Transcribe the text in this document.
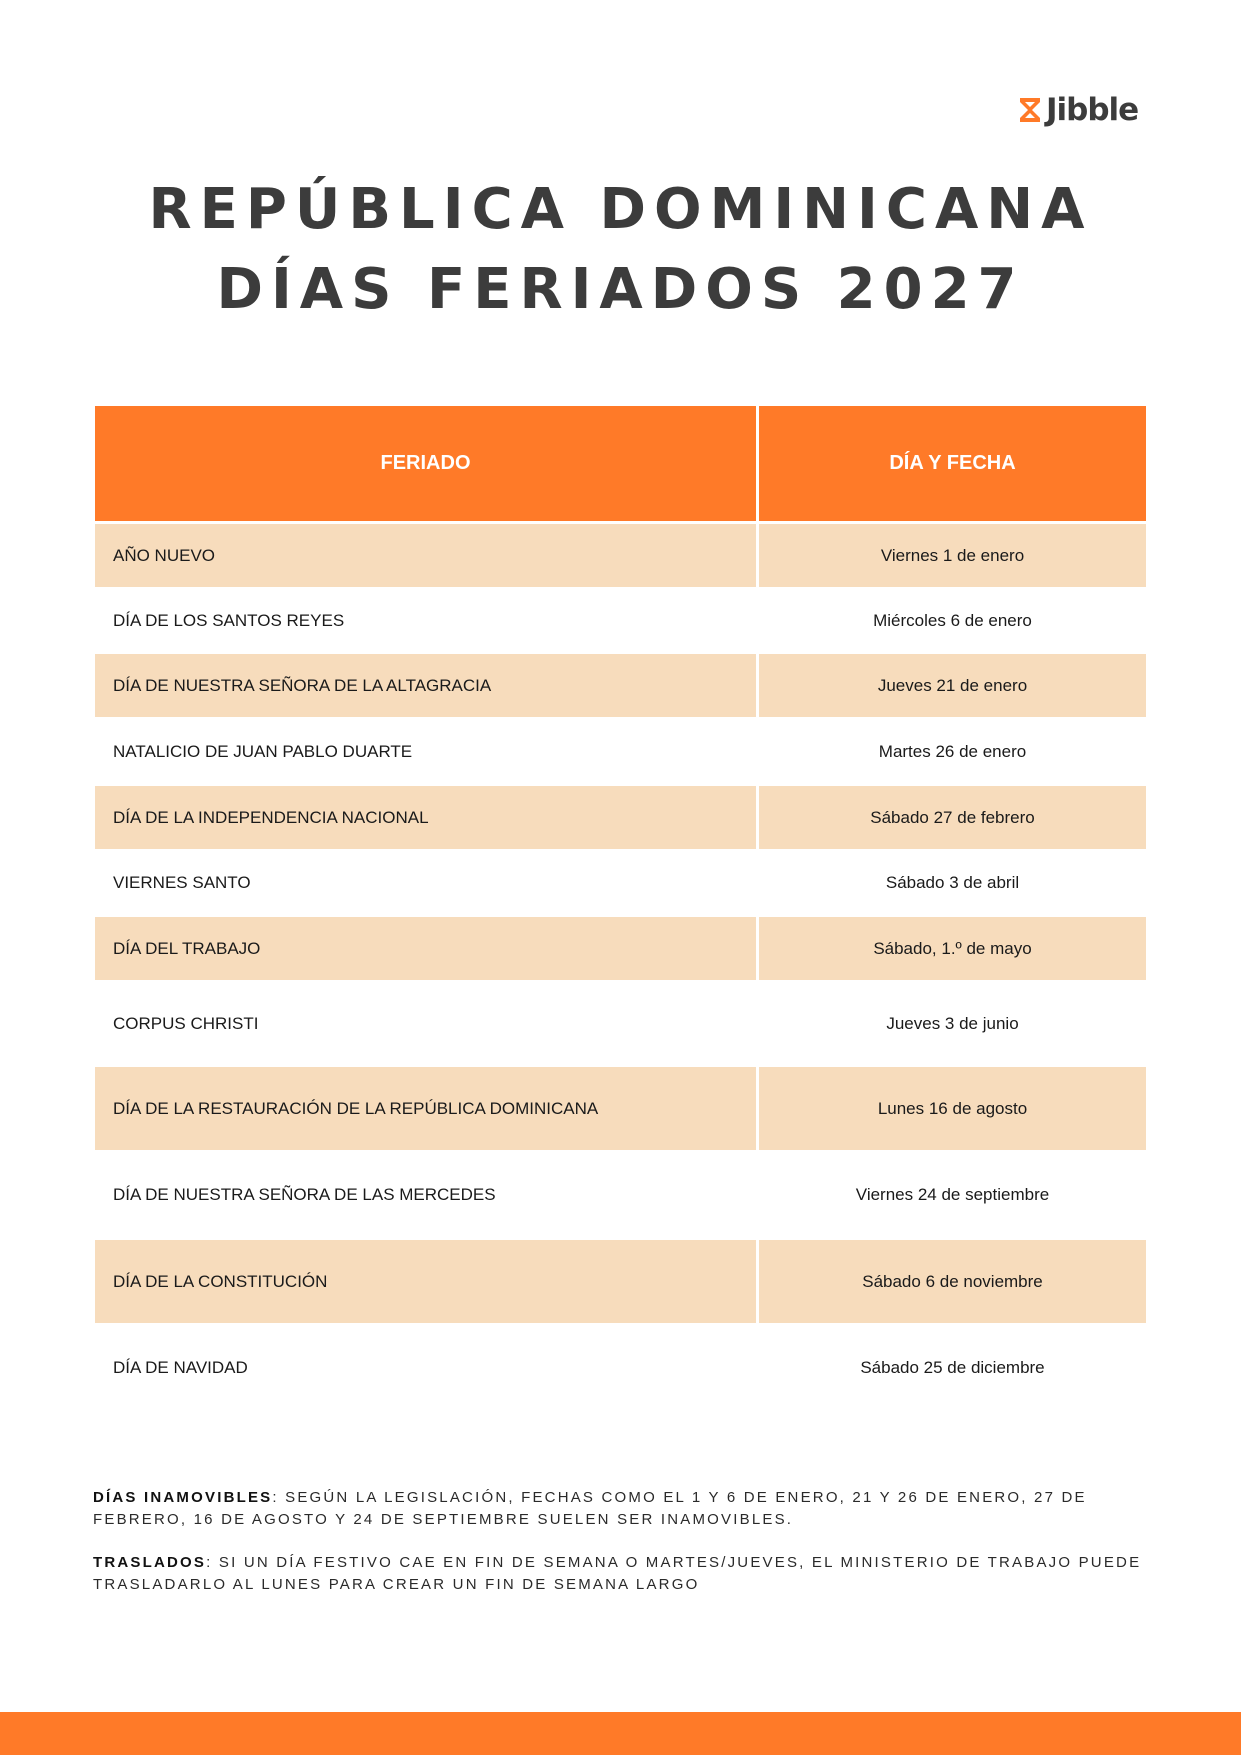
Jibble
REPÚBLICA DOMINICANA
DÍAS FERIADOS 2027
FERIADO	DÍA Y FECHA
AÑO NUEVO	Viernes 1 de enero
DÍA DE LOS SANTOS REYES	Miércoles 6 de enero
DÍA DE NUESTRA SEÑORA DE LA ALTAGRACIA	Jueves 21 de enero
NATALICIO DE JUAN PABLO DUARTE	Martes 26 de enero
DÍA DE LA INDEPENDENCIA NACIONAL	Sábado 27 de febrero
VIERNES SANTO	Sábado 3 de abril
DÍA DEL TRABAJO	Sábado, 1.º de mayo
CORPUS CHRISTI	Jueves 3 de junio
DÍA DE LA RESTAURACIÓN DE LA REPÚBLICA DOMINICANA	Lunes 16 de agosto
DÍA DE NUESTRA SEÑORA DE LAS MERCEDES	Viernes 24 de septiembre
DÍA DE LA CONSTITUCIÓN	Sábado 6 de noviembre
DÍA DE NAVIDAD	Sábado 25 de diciembre
DÍAS INAMOVIBLES: SEGÚN LA LEGISLACIÓN, FECHAS COMO EL 1 Y 6 DE ENERO, 21 Y 26 DE ENERO, 27 DE FEBRERO, 16 DE AGOSTO Y 24 DE SEPTIEMBRE SUELEN SER INAMOVIBLES.
TRASLADOS: SI UN DÍA FESTIVO CAE EN FIN DE SEMANA O MARTES/JUEVES, EL MINISTERIO DE TRABAJO PUEDE TRASLADARLO AL LUNES PARA CREAR UN FIN DE SEMANA LARGO
